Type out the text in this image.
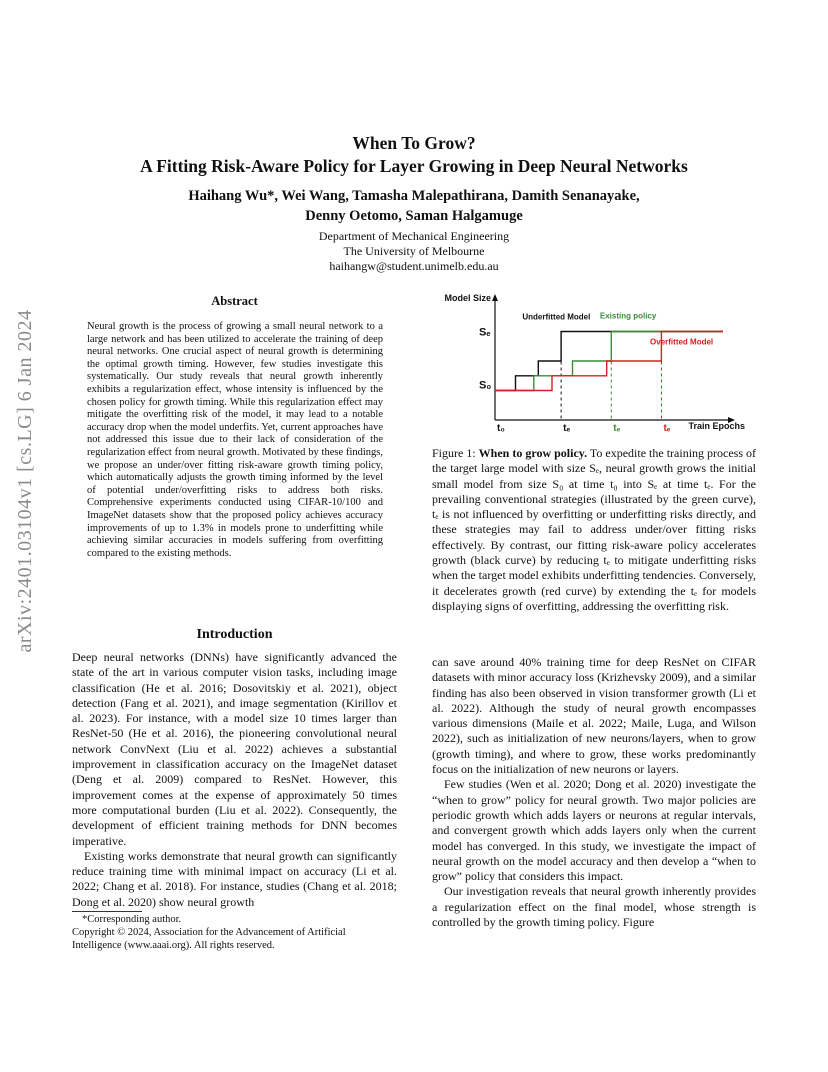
arXiv:2401.03104v1 [cs.LG] 6 Jan 2024
When To Grow?
A Fitting Risk-Aware Policy for Layer Growing in Deep Neural Networks
Haihang Wu*, Wei Wang, Tamasha Malepathirana, Damith Senanayake,
Denny Oetomo, Saman Halgamuge
Department of Mechanical Engineering
The University of Melbourne
haihangw@student.unimelb.edu.au
Abstract
Neural growth is the process of growing a small neural network to a large network and has been utilized to accelerate the training of deep neural networks. One crucial aspect of neural growth is determining the optimal growth timing. However, few studies investigate this systematically. Our study reveals that neural growth inherently exhibits a regularization effect, whose intensity is influenced by the chosen policy for growth timing. While this regularization effect may mitigate the overfitting risk of the model, it may lead to a notable accuracy drop when the model underfits. Yet, current approaches have not addressed this issue due to their lack of consideration of the regularization effect from neural growth. Motivated by these findings, we propose an under/over fitting risk-aware growth timing policy, which automatically adjusts the growth timing informed by the level of potential under/overfitting risks to address both risks. Comprehensive experiments conducted using CIFAR-10/100 and ImageNet datasets show that the proposed policy achieves accuracy improvements of up to 1.3% in models prone to underfitting while achieving similar accuracies in models suffering from overfitting compared to the existing methods.
Introduction

Deep neural networks (DNNs) have significantly advanced the state of the art in various computer vision tasks, including image classification (He et al. 2016; Dosovitskiy et al. 2021), object detection (Fang et al. 2021), and image segmentation (Kirillov et al. 2023). For instance, with a model size 10 times larger than ResNet-50 (He et al. 2016), the pioneering convolutional neural network ConvNext (Liu et al. 2022) achieves a substantial improvement in classification accuracy on the ImageNet dataset (Deng et al. 2009) compared to ResNet. However, this improvement comes at the expense of approximately 50 times more computational burden (Liu et al. 2022). Consequently, the development of efficient training methods for DNN becomes imperative.

Existing works demonstrate that neural growth can significantly reduce training time with minimal impact on accuracy (Li et al. 2022; Chang et al. 2018). For instance, studies (Chang et al. 2018; Dong et al. 2020) show neural growth

*Corresponding author.
Copyright © 2024, Association for the Advancement of Artificial Intelligence (www.aaai.org). All rights reserved.
Model Size
Train Epochs
S₀
Sₑ
t₀	tₑ	tₑ	tₑ
Underfitted Model Existing policy
Overfitted Model
Figure 1: When to grow policy. To expedite the training process of the target large model with size Sₑ, neural growth grows the initial small model from size S₀ at time t₀ into Sₑ at time tₑ. For the prevailing conventional strategies (illustrated by the green curve), tₑ is not influenced by overfitting or underfitting risks directly, and these strategies may fail to address under/over fitting risks effectively. By contrast, our fitting risk-aware policy accelerates growth (black curve) by reducing tₑ to mitigate underfitting risks when the target model exhibits underfitting tendencies. Conversely, it decelerates growth (red curve) by extending the tₑ for models displaying signs of overfitting, addressing the overfitting risk.

can save around 40% training time for deep ResNet on CIFAR datasets with minor accuracy loss (Krizhevsky 2009), and a similar finding has also been observed in vision transformer growth (Li et al. 2022). Although the study of neural growth encompasses various dimensions (Maile et al. 2022; Maile, Luga, and Wilson 2022), such as initialization of new neurons/layers, when to grow (growth timing), and where to grow, these works predominantly focus on the initialization of new neurons or layers.

Few studies (Wen et al. 2020; Dong et al. 2020) investigate the “when to grow” policy for neural growth. Two major policies are periodic growth which adds layers or neurons at regular intervals, and convergent growth which adds layers only when the current model has converged. In this study, we investigate the impact of neural growth on the model accuracy and then develop a “when to grow” policy that considers this impact.

Our investigation reveals that neural growth inherently provides a regularization effect on the final model, whose strength is controlled by the growth timing policy. Figure
